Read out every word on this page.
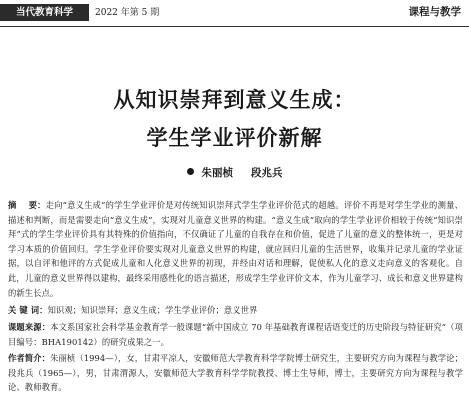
当代教育科学	2022 年第 5 期	课程与教学
从知识崇拜到意义生成：
学生学业评价新解
朱丽桢 段兆兵
摘 要：走向“意义生成”的学生学业评价是对传统知识崇拜式学生学业评价范式的超越。评价不再是对学生学业的测量、描述和判断，而是需要走向“意义生成”，实现对儿童意义世界的构建。“意义生成”取向的学生学业评价相较于传统“知识崇拜”式的学生学业评价具有其特殊的价值指向，不仅确证了儿童的自我存在和价值，促进了儿童的意义的整体统一，更是对学习本质的价值回归。学生学业评价要实现对儿童意义世界的构建，就应回归儿童的生活世界，收集并记录儿童的学业证据，以自评和他评的方式促成儿童和人化意义世界的初现，并经由对话和理解，促使私人化的意义走向意义的客观化。自此，儿童的意义世界得以建构，最终采用感性化的语言描述，形成学生学业评价文本，作为儿童学习、成长和意义世界建构的新生长点。
关 键 词：知识观；知识崇拜；意义生成；学生学业评价；意义世界
课题来源：本文系国家社会科学基金教育学一般课题“新中国成立 70 年基础教育课程话语变迁的历史阶段与特征研究”（项目编号：BHA190142）的研究成果之一。
作者简介：朱丽桢（1994—），女，甘肃平凉人，安徽师范大学教育科学学院博士研究生，主要研究方向为课程与教学论；段兆兵（1965—），男，甘肃渭源人，安徽师范大学教育科学学院教授、博士生导师，博士，主要研究方向为课程与教学论、教师教育。
